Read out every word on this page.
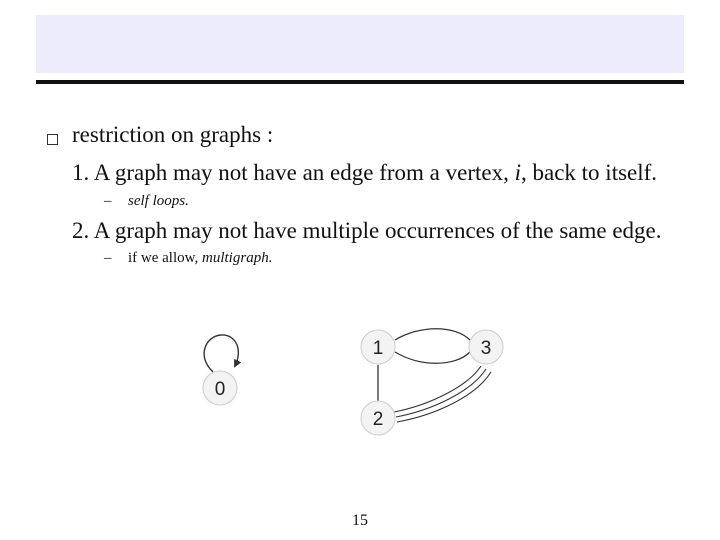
restriction on graphs :
1. A graph may not have an edge from a vertex, i, back to itself.
– self loops.
2. A graph may not have multiple occurrences of the same edge.
– if we allow, multigraph.
0
1	3
2
15
